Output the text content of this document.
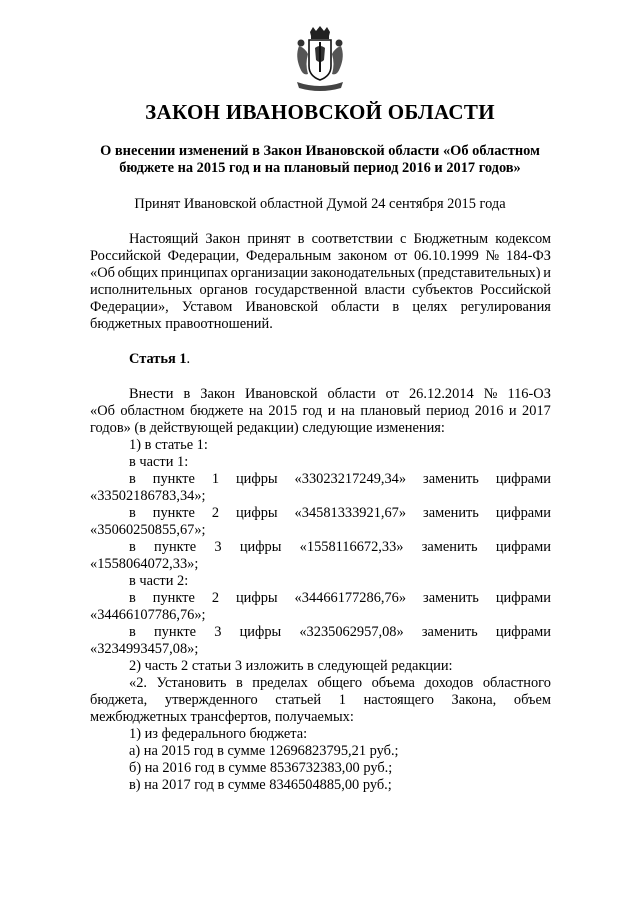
ЗАКОН ИВАНОВСКОЙ ОБЛАСТИ
О внесении изменений в Закон Ивановской области «Об областном
бюджете на 2015 год и на плановый период 2016 и 2017 годов»
Принят Ивановской областной Думой 24 сентября 2015 года
Настоящий Закон принят в соответствии с Бюджетным кодексом
Российской Федерации, Федеральным законом от 06.10.1999 № 184-ФЗ
«Об общих принципах организации законодательных (представительных) и
исполнительных органов государственной власти субъектов Российской
Федерации», Уставом Ивановской области в целях регулирования
бюджетных правоотношений.
Статья 1.
Внести в Закон Ивановской области от 26.12.2014 № 116-ОЗ
«Об областном бюджете на 2015 год и на плановый период 2016 и 2017
годов» (в действующей редакции) следующие изменения:
1) в статье 1:
в части 1:
в пункте 1 цифры «33023217249,34» заменить цифрами
«33502186783,34»;
в пункте 2 цифры «34581333921,67» заменить цифрами
«35060250855,67»;
в пункте 3 цифры «1558116672,33» заменить цифрами
«1558064072,33»;
в части 2:
в пункте 2 цифры «34466177286,76» заменить цифрами
«34466107786,76»;
в пункте 3 цифры «3235062957,08» заменить цифрами
«3234993457,08»;
2) часть 2 статьи 3 изложить в следующей редакции:
«2. Установить в пределах общего объема доходов областного
бюджета, утвержденного статьей 1 настоящего Закона, объем
межбюджетных трансфертов, получаемых:
1) из федерального бюджета:
а) на 2015 год в сумме 12696823795,21 руб.;
б) на 2016 год в сумме 8536732383,00 руб.;
в) на 2017 год в сумме 8346504885,00 руб.;
